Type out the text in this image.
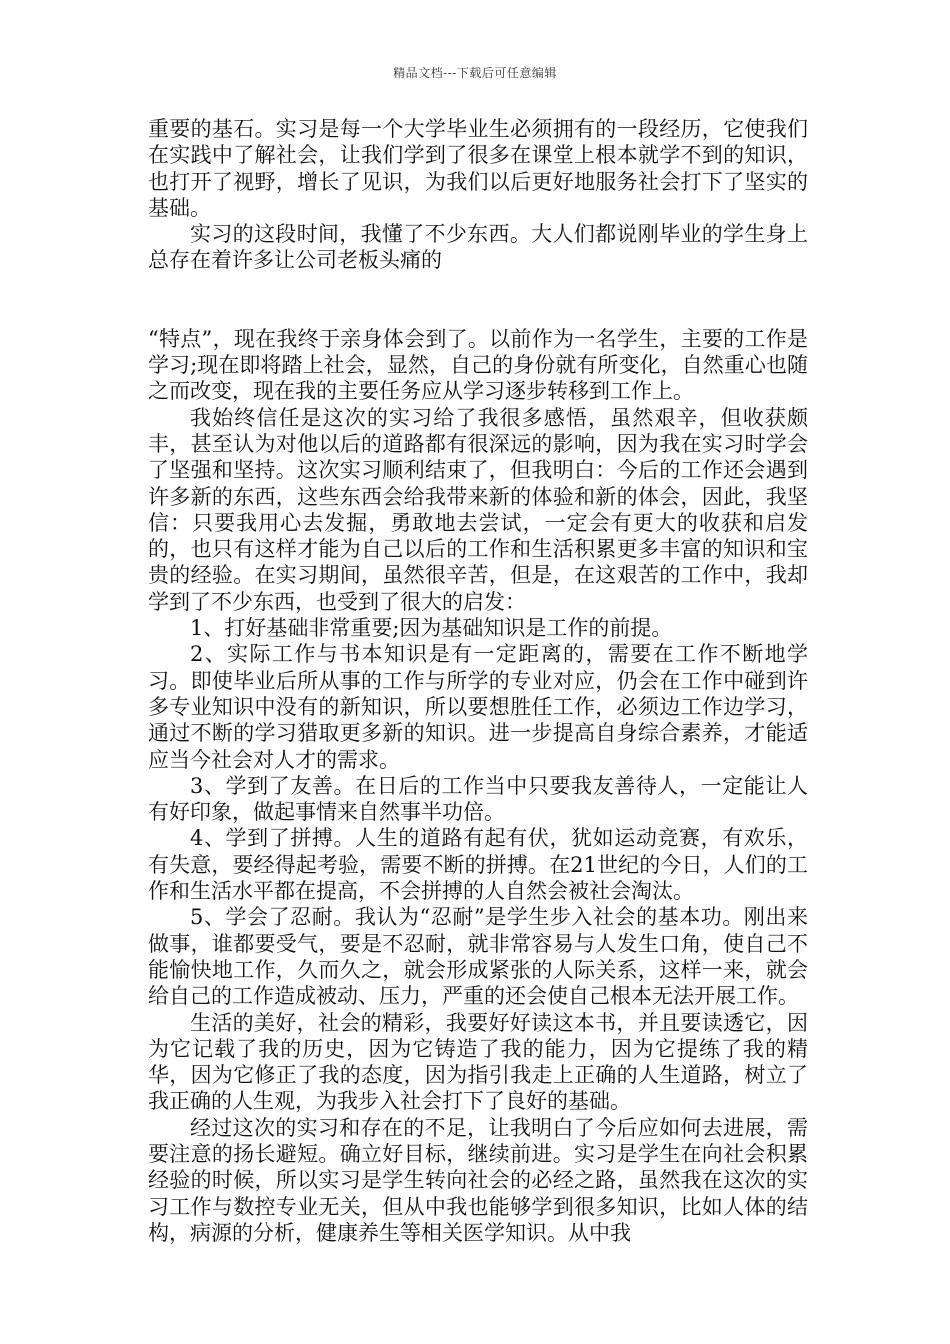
精品文档---下载后可任意编辑

重要的基石。实习是每一个大学毕业生必须拥有的一段经历，它使我们在实践中了解社会，让我们学到了很多在课堂上根本就学不到的知识，也打开了视野，增长了见识，为我们以后更好地服务社会打下了坚实的基础。

实习的这段时间，我懂了不少东西。大人们都说刚毕业的学生身上总存在着许多让公司老板头痛的

“特点”，现在我终于亲身体会到了。以前作为一名学生，主要的工作是学习;现在即将踏上社会，显然，自己的身份就有所变化，自然重心也随之而改变，现在我的主要任务应从学习逐步转移到工作上。

我始终信任是这次的实习给了我很多感悟，虽然艰辛，但收获颇丰，甚至认为对他以后的道路都有很深远的影响，因为我在实习时学会了坚强和坚持。这次实习顺利结束了，但我明白：今后的工作还会遇到许多新的东西，这些东西会给我带来新的体验和新的体会，因此，我坚信：只要我用心去发掘，勇敢地去尝试，一定会有更大的收获和启发的，也只有这样才能为自己以后的工作和生活积累更多丰富的知识和宝贵的经验。在实习期间，虽然很辛苦，但是，在这艰苦的工作中，我却学到了不少东西，也受到了很大的启发：

1、打好基础非常重要;因为基础知识是工作的前提。

2、实际工作与书本知识是有一定距离的，需要在工作不断地学习。即使毕业后所从事的工作与所学的专业对应，仍会在工作中碰到许多专业知识中没有的新知识，所以要想胜任工作，必须边工作边学习，通过不断的学习猎取更多新的知识。进一步提高自身综合素养，才能适应当今社会对人才的需求。

3、学到了友善。在日后的工作当中只要我友善待人，一定能让人有好印象，做起事情来自然事半功倍。

4、学到了拼搏。人生的道路有起有伏，犹如运动竞赛，有欢乐，有失意，要经得起考验，需要不断的拼搏。在21世纪的今日，人们的工作和生活水平都在提高，不会拼搏的人自然会被社会淘汰。

5、学会了忍耐。我认为“忍耐”是学生步入社会的基本功。刚出来做事，谁都要受气，要是不忍耐，就非常容易与人发生口角，使自己不能愉快地工作，久而久之，就会形成紧张的人际关系，这样一来，就会给自己的工作造成被动、压力，严重的还会使自己根本无法开展工作。

生活的美好，社会的精彩，我要好好读这本书，并且要读透它，因为它记载了我的历史，因为它铸造了我的能力，因为它提练了我的精华，因为它修正了我的态度，因为指引我走上正确的人生道路，树立了我正确的人生观，为我步入社会打下了良好的基础。

经过这次的实习和存在的不足，让我明白了今后应如何去进展，需要注意的扬长避短。确立好目标，继续前进。实习是学生在向社会积累经验的时候，所以实习是学生转向社会的必经之路，虽然我在这次的实习工作与数控专业无关，但从中我也能够学到很多知识，比如人体的结构，病源的分析，健康养生等相关医学知识。从中我
